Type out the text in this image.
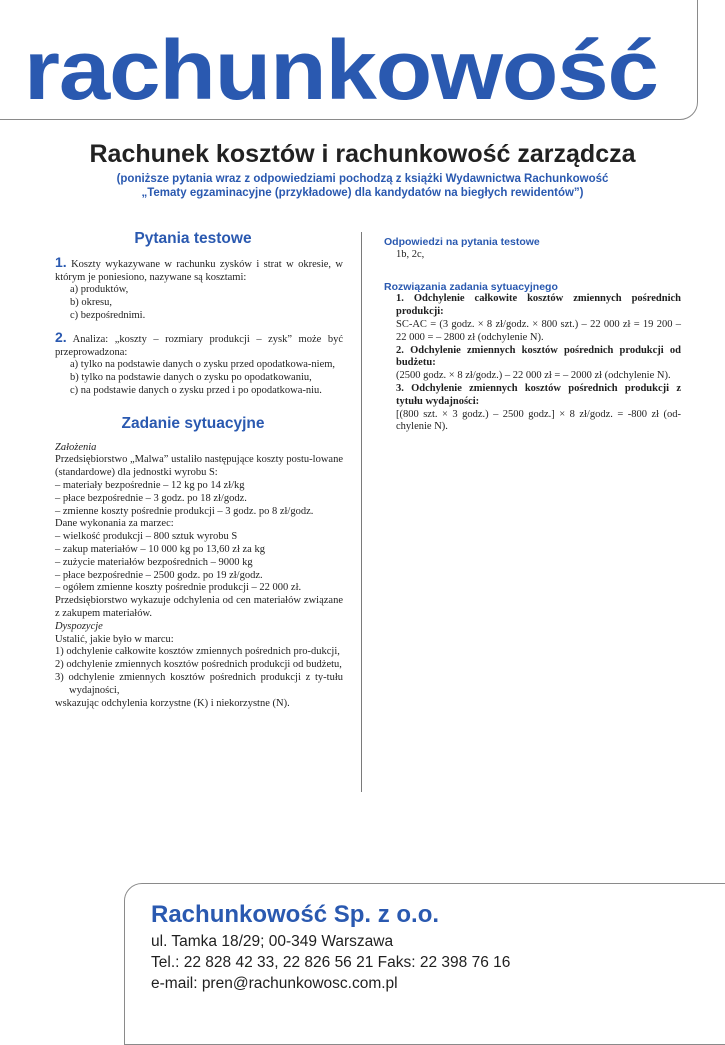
rachunkowość
Rachunek kosztów i rachunkowość zarządcza
(poniższe pytania wraz z odpowiedziami pochodzą z książki Wydawnictwa Rachunkowość
„Tematy egzaminacyjne (przykładowe) dla kandydatów na biegłych rewidentów”)
Pytania testowe

1. Koszty wykazywane w rachunku zysków i strat w okresie, w którym je poniesiono, nazywane są kosztami:

a) produktów,
b) okresu,
c) bezpośrednimi.

2. Analiza: „koszty – rozmiary produkcji – zysk” może być przeprowadzona:

a) tylko na podstawie danych o zysku przed opodatkowa-niem,
b) tylko na podstawie danych o zysku po opodatkowaniu,
c) na podstawie danych o zysku przed i po opodatkowa-niu.
Zadanie sytuacyjne

Założenia

Przedsiębiorstwo „Malwa” ustaliło następujące koszty postu-lowane (standardowe) dla jednostki wyrobu S:

– materiały bezpośrednie – 12 kg po 14 zł/kg
– płace bezpośrednie – 3 godz. po 18 zł/godz.
– zmienne koszty pośrednie produkcji – 3 godz. po 8 zł/godz.

Dane wykonania za marzec:

– wielkość produkcji – 800 sztuk wyrobu S
– zakup materiałów – 10 000 kg po 13,60 zł za kg
– zużycie materiałów bezpośrednich – 9000 kg
– płace bezpośrednie – 2500 godz. po 19 zł/godz.
– ogółem zmienne koszty pośrednie produkcji – 22 000 zł.

Przedsiębiorstwo wykazuje odchylenia od cen materiałów związane z zakupem materiałów.

Dyspozycje

Ustalić, jakie było w marcu:

1) odchylenie całkowite kosztów zmiennych pośrednich pro-dukcji,
2) odchylenie zmiennych kosztów pośrednich produkcji od budżetu,
3) odchylenie zmiennych kosztów pośrednich produkcji z ty-tułu wydajności,

wskazując odchylenia korzystne (K) i niekorzystne (N).

Odpowiedzi na pytania testowe

1b, 2c,

Rozwiązania zadania sytuacyjnego

1. Odchylenie całkowite kosztów zmiennych pośrednich produkcji:

SC-AC = (3 godz. × 8 zł/godz. × 800 szt.) – 22 000 zł = 19 200 – 22 000 = – 2800 zł (odchylenie N).

2. Odchylenie zmiennych kosztów pośrednich produkcji od budżetu:

(2500 godz. × 8 zł/godz.) – 22 000 zł = – 2000 zł (odchylenie N).

3. Odchylenie zmiennych kosztów pośrednich produkcji z tytułu wydajności:

[(800 szt. × 3 godz.) – 2500 godz.] × 8 zł/godz. = -800 zł (od-chylenie N).

Rachunkowość Sp. z o.o.
ul. Tamka 18/29; 00-349 Warszawa
Tel.: 22 828 42 33, 22 826 56 21 Faks: 22 398 76 16
e-mail: pren@rachunkowosc.com.pl
